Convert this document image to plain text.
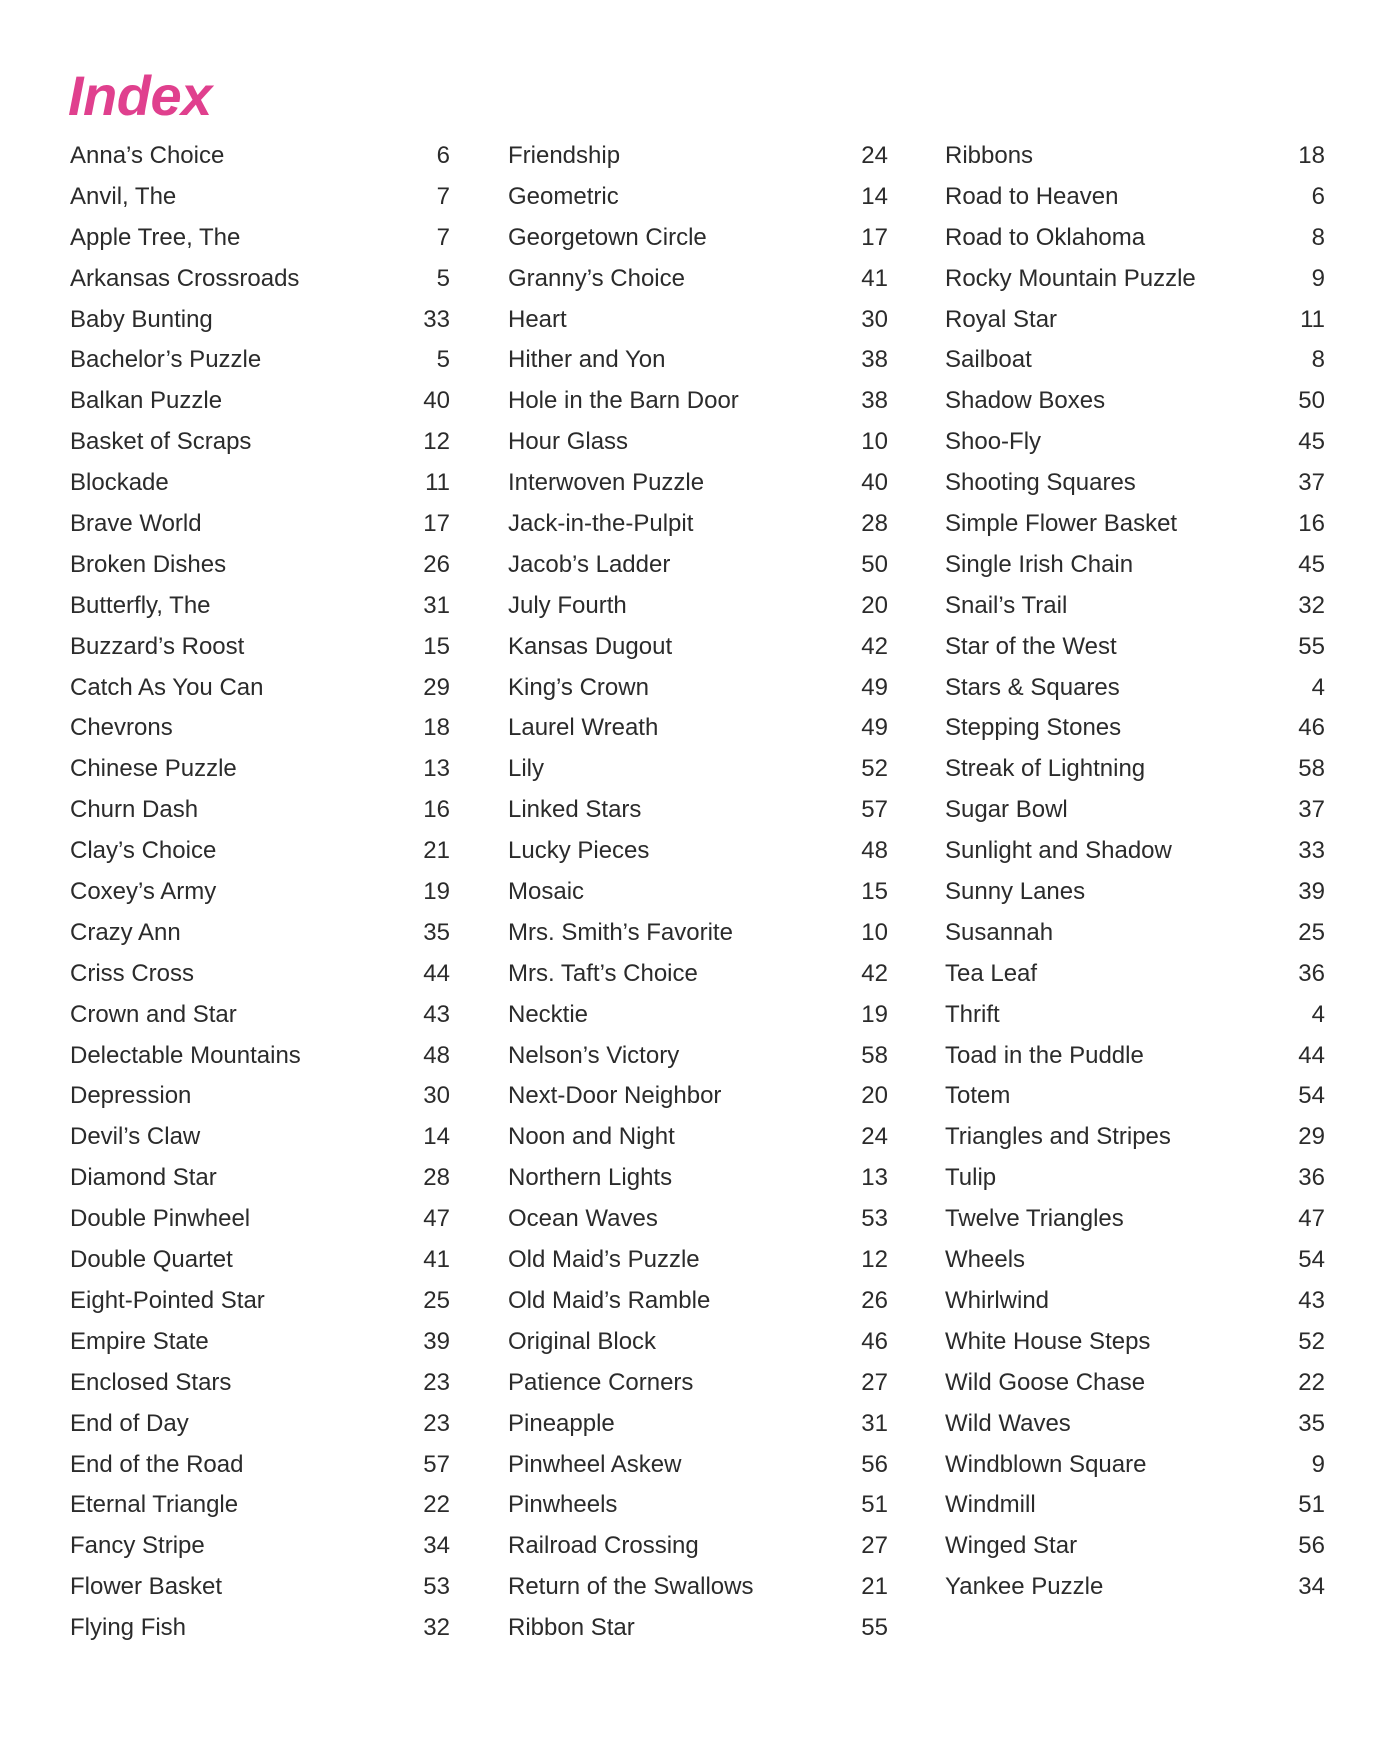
Index
Anna’s Choice	6
Anvil, The	7
Apple Tree, The	7
Arkansas Crossroads	5
Baby Bunting	33
Bachelor’s Puzzle	5
Balkan Puzzle	40
Basket of Scraps	12
Blockade	11
Brave World	17
Broken Dishes	26
Butterfly, The	31
Buzzard’s Roost	15
Catch As You Can	29
Chevrons	18
Chinese Puzzle	13
Churn Dash	16
Clay’s Choice	21
Coxey’s Army	19
Crazy Ann	35
Criss Cross	44
Crown and Star	43
Delectable Mountains	48
Depression	30
Devil’s Claw	14
Diamond Star	28
Double Pinwheel	47
Double Quartet	41
Eight-Pointed Star	25
Empire State	39
Enclosed Stars	23
End of Day	23
End of the Road	57
Eternal Triangle	22
Fancy Stripe	34
Flower Basket	53
Flying Fish	32
Friendship	24
Geometric	14
Georgetown Circle	17
Granny’s Choice	41
Heart	30
Hither and Yon	38
Hole in the Barn Door	38
Hour Glass	10
Interwoven Puzzle	40
Jack-in-the-Pulpit	28
Jacob’s Ladder	50
July Fourth	20
Kansas Dugout	42
King’s Crown	49
Laurel Wreath	49
Lily	52
Linked Stars	57
Lucky Pieces	48
Mosaic	15
Mrs. Smith’s Favorite	10
Mrs. Taft’s Choice	42
Necktie	19
Nelson’s Victory	58
Next-Door Neighbor	20
Noon and Night	24
Northern Lights	13
Ocean Waves	53
Old Maid’s Puzzle	12
Old Maid’s Ramble	26
Original Block	46
Patience Corners	27
Pineapple	31
Pinwheel Askew	56
Pinwheels	51
Railroad Crossing	27
Return of the Swallows	21
Ribbon Star	55
Ribbons	18
Road to Heaven	6
Road to Oklahoma	8
Rocky Mountain Puzzle	9
Royal Star	11
Sailboat	8
Shadow Boxes	50
Shoo-Fly	45
Shooting Squares	37
Simple Flower Basket	16
Single Irish Chain	45
Snail’s Trail	32
Star of the West	55
Stars & Squares	4
Stepping Stones	46
Streak of Lightning	58
Sugar Bowl	37
Sunlight and Shadow	33
Sunny Lanes	39
Susannah	25
Tea Leaf	36
Thrift	4
Toad in the Puddle	44
Totem	54
Triangles and Stripes	29
Tulip	36
Twelve Triangles	47
Wheels	54
Whirlwind	43
White House Steps	52
Wild Goose Chase	22
Wild Waves	35
Windblown Square	9
Windmill	51
Winged Star	56
Yankee Puzzle	34
